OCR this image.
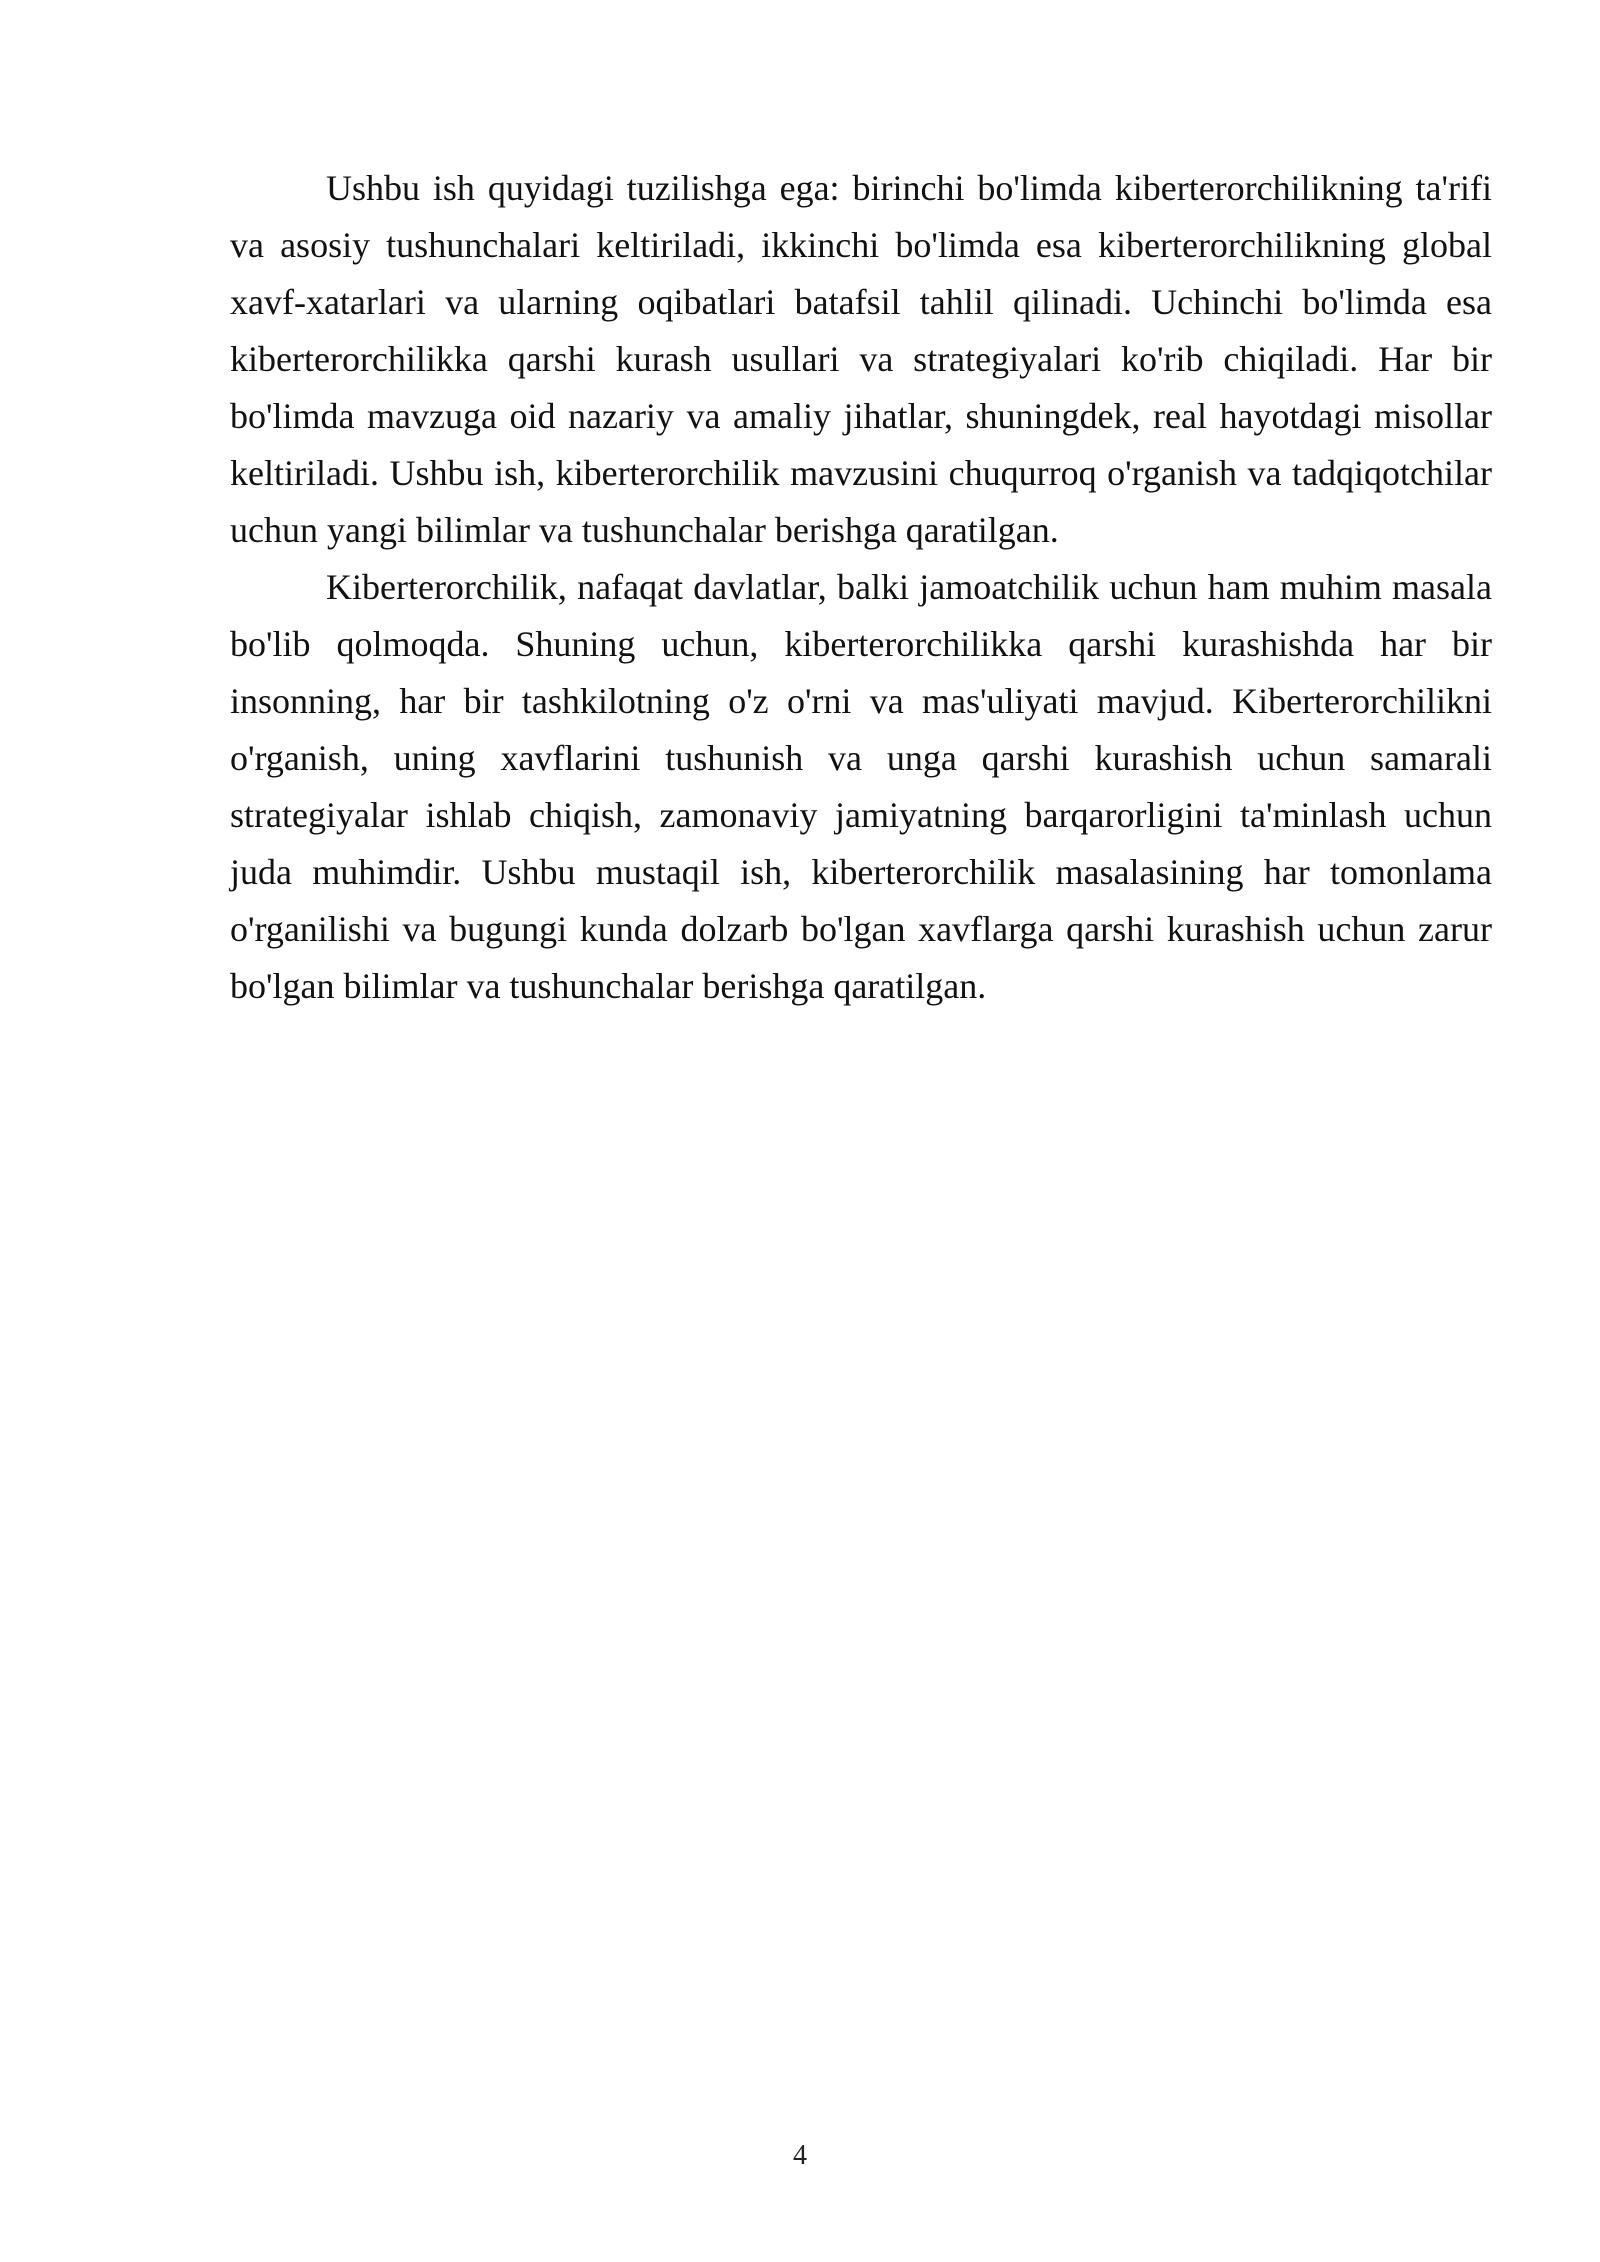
Ushbu ish quyidagi tuzilishga ega: birinchi bo'limda kiberterorchilikning ta'rifi va asosiy tushunchalari keltiriladi, ikkinchi bo'limda esa kiberterorchilikning global xavf-xatarlari va ularning oqibatlari batafsil tahlil qilinadi. Uchinchi bo'limda esa kiberterorchilikka qarshi kurash usullari va strategiyalari ko'rib chiqiladi. Har bir bo'limda mavzuga oid nazariy va amaliy jihatlar, shuningdek, real hayotdagi misollar keltiriladi. Ushbu ish, kiberterorchilik mavzusini chuqurroq o'rganish va tadqiqotchilar uchun yangi bilimlar va tushunchalar berishga qaratilgan.

Kiberterorchilik, nafaqat davlatlar, balki jamoatchilik uchun ham muhim masala bo'lib qolmoqda. Shuning uchun, kiberterorchilikka qarshi kurashishda har bir insonning, har bir tashkilotning o'z o'rni va mas'uliyati mavjud. Kiberterorchilikni o'rganish, uning xavflarini tushunish va unga qarshi kurashish uchun samarali strategiyalar ishlab chiqish, zamonaviy jamiyatning barqarorligini ta'minlash uchun juda muhimdir. Ushbu mustaqil ish, kiberterorchilik masalasining har tomonlama o'rganilishi va bugungi kunda dolzarb bo'lgan xavflarga qarshi kurashish uchun zarur bo'lgan bilimlar va tushunchalar berishga qaratilgan.

4
